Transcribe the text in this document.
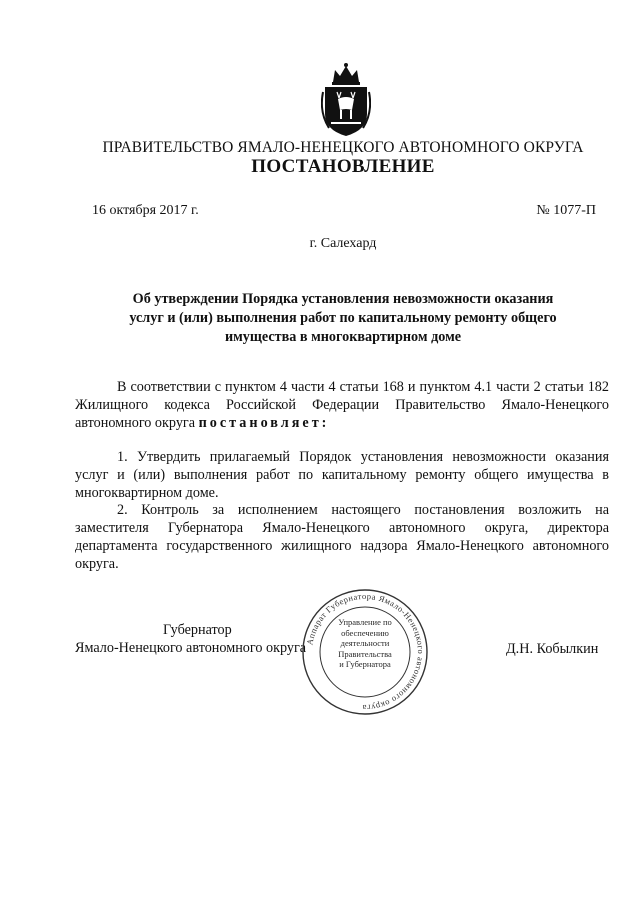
ПРАВИТЕЛЬСТВО ЯМАЛО-НЕНЕЦКОГО АВТОНОМНОГО ОКРУГА
ПОСТАНОВЛЕНИЕ
16 октября 2017 г.	№ 1077-П
г. Салехард
Об утверждении Порядка установления невозможности оказания услуг и (или) выполнения работ по капитальному ремонту общего имущества в многоквартирном доме
В соответствии с пунктом 4 части 4 статьи 168 и пунктом 4.1 части 2 статьи 182 Жилищного кодекса Российской Федерации Правительство Ямало-Ненецкого автономного округа постановляет:
1. Утвердить прилагаемый Порядок установления невозможности оказания услуг и (или) выполнения работ по капитальному ремонту общего имущества в многоквартирном доме.
2. Контроль за исполнением настоящего постановления возложить на заместителя Губернатора Ямало-Ненецкого автономного округа, директора департамента государственного жилищного надзора Ямало-Ненецкого автономного округа.
Губернатор
Ямало-Ненецкого автономного округа	Д.Н. Кобылкин
Аппарат Губернатора Ямало-Ненецкого автономного округа
Управление по
обеспечению
деятельности
Правительства
и Губернатора
